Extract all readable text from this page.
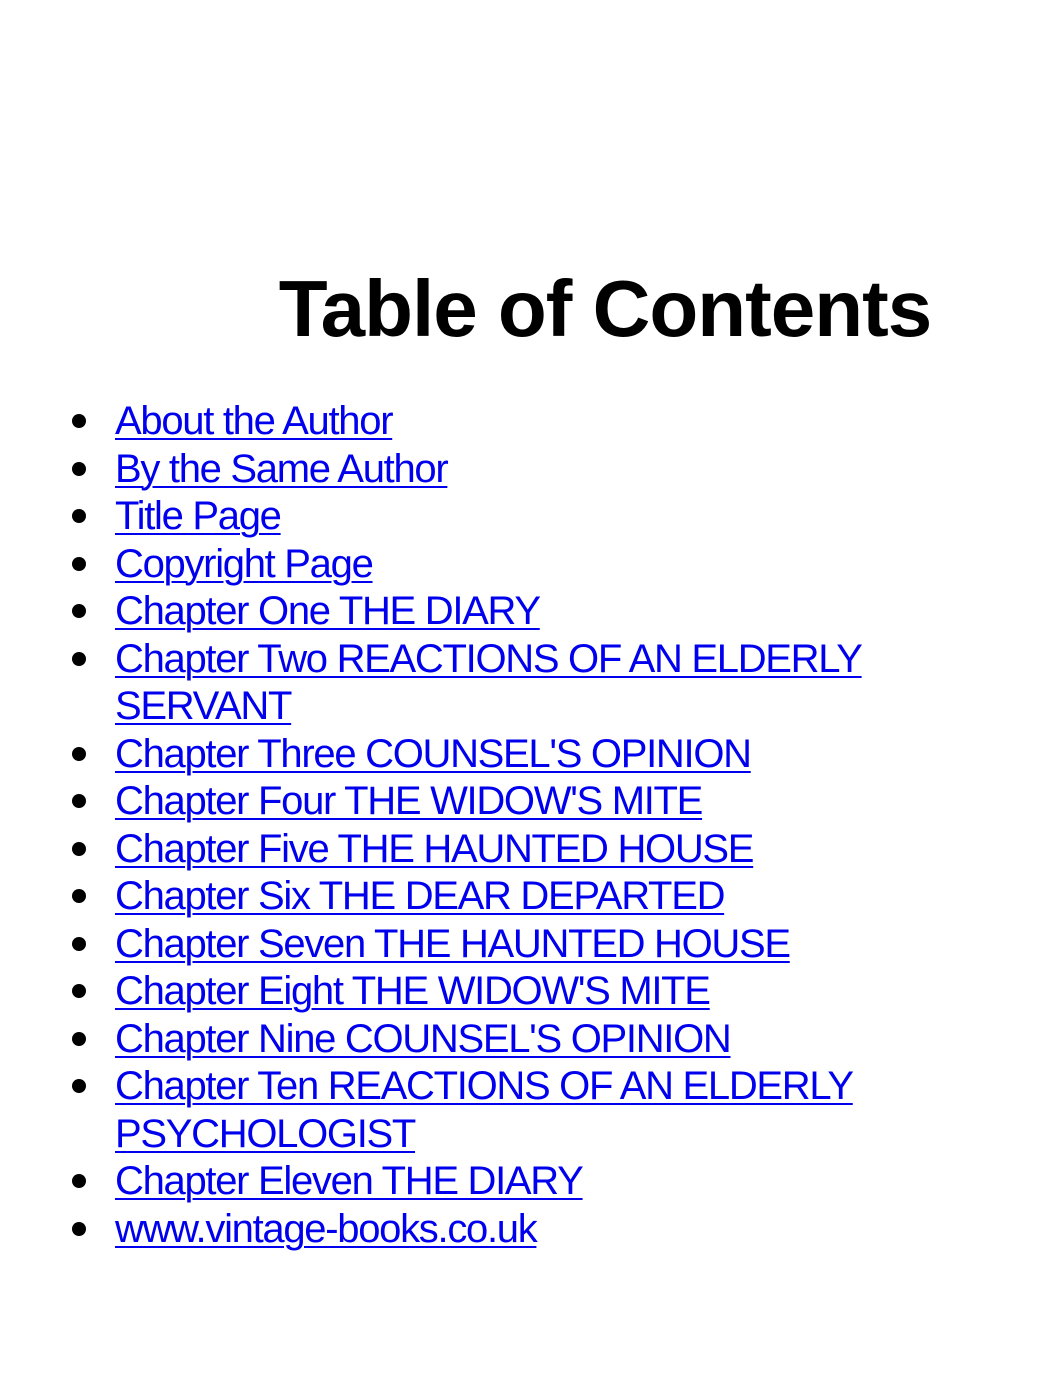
Table of Contents
About the Author
By the Same Author
Title Page
Copyright Page
Chapter One THE DIARY
Chapter Two REACTIONS OF AN ELDERLY SERVANT
Chapter Three COUNSEL'S OPINION
Chapter Four THE WIDOW'S MITE
Chapter Five THE HAUNTED HOUSE
Chapter Six THE DEAR DEPARTED
Chapter Seven THE HAUNTED HOUSE
Chapter Eight THE WIDOW'S MITE
Chapter Nine COUNSEL'S OPINION
Chapter Ten REACTIONS OF AN ELDERLY PSYCHOLOGIST
Chapter Eleven THE DIARY
www.vintage-books.co.uk
